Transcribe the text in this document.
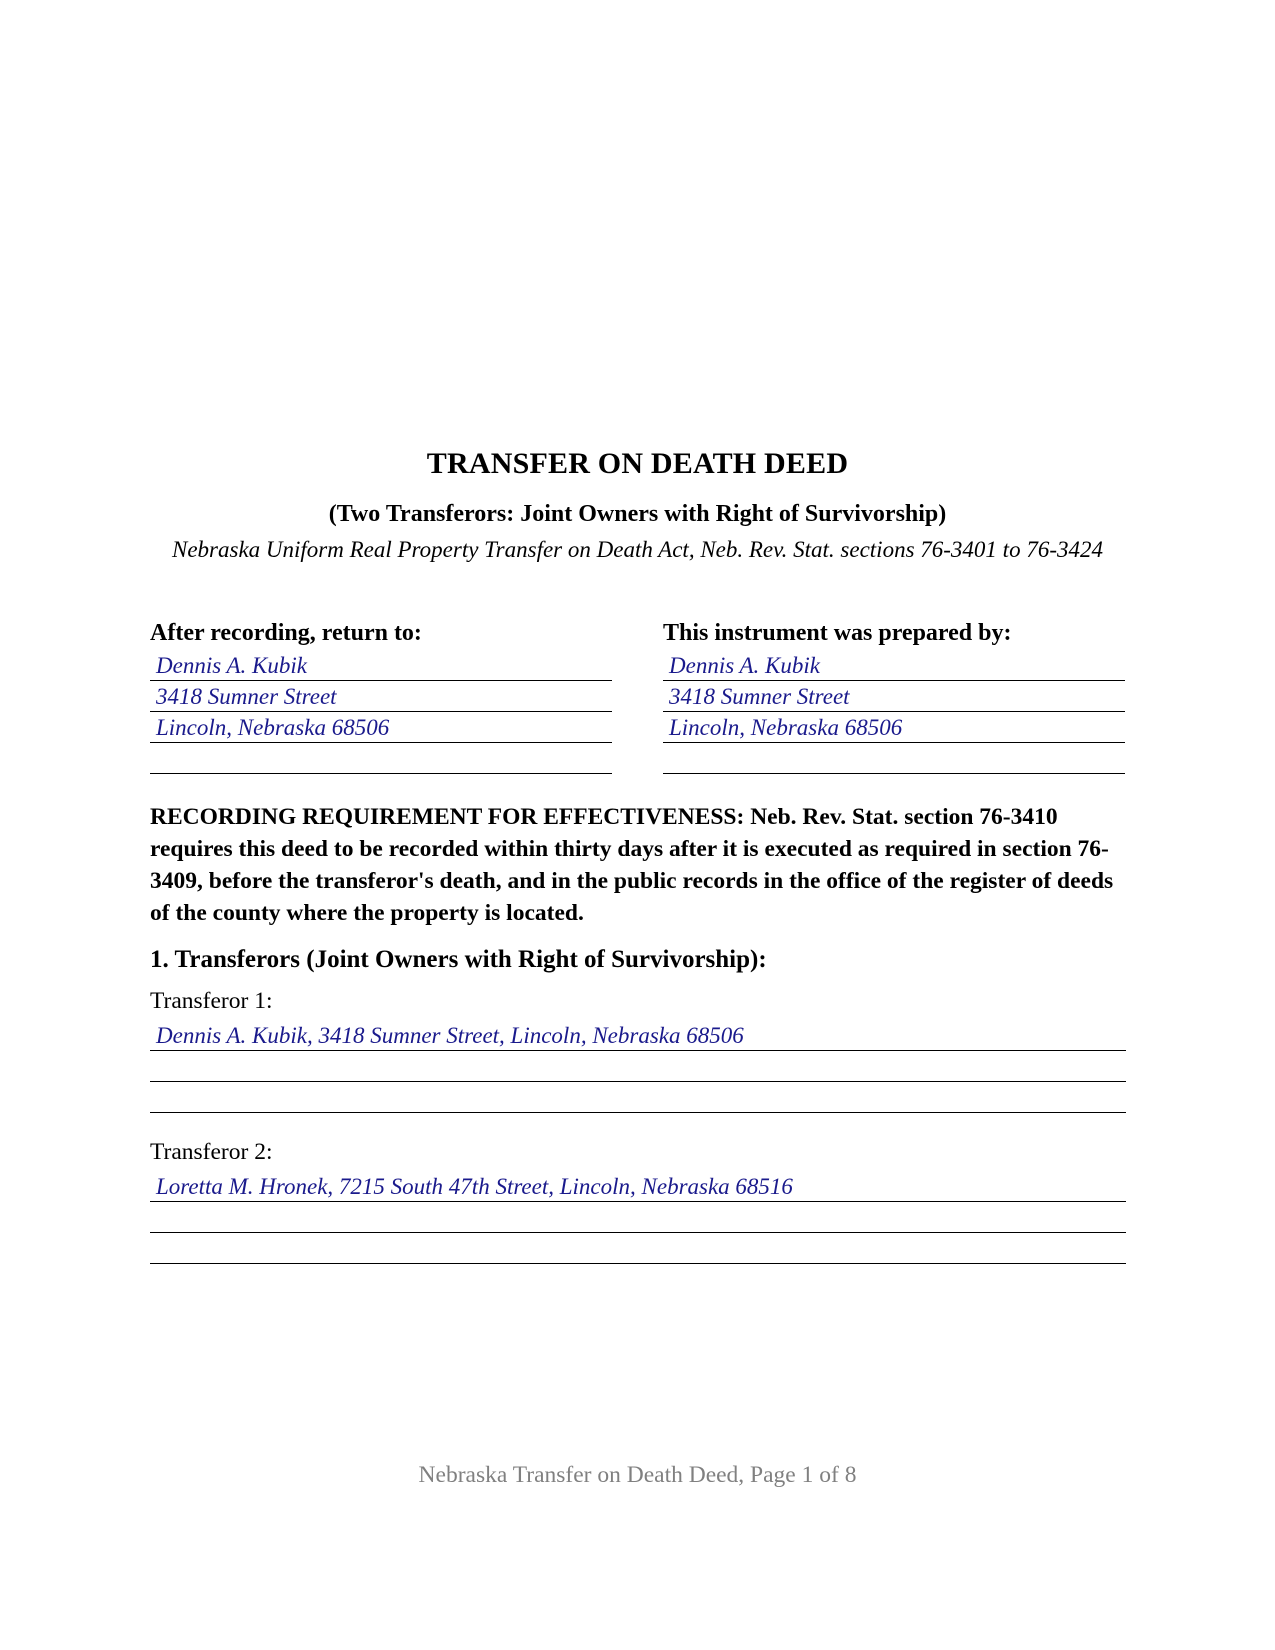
TRANSFER ON DEATH DEED
(Two Transferors: Joint Owners with Right of Survivorship)
Nebraska Uniform Real Property Transfer on Death Act, Neb. Rev. Stat. sections 76-3401 to 76-3424
After recording, return to:
Dennis A. Kubik
3418 Sumner Street
Lincoln, Nebraska 68506
This instrument was prepared by:
Dennis A. Kubik
3418 Sumner Street
Lincoln, Nebraska 68506
RECORDING REQUIREMENT FOR EFFECTIVENESS: Neb. Rev. Stat. section 76-3410 requires this deed to be recorded within thirty days after it is executed as required in section 76-3409, before the transferor's death, and in the public records in the office of the register of deeds of the county where the property is located.
1. Transferors (Joint Owners with Right of Survivorship):
Transferor 1:
Dennis A. Kubik, 3418 Sumner Street, Lincoln, Nebraska 68506
Transferor 2:
Loretta M. Hronek, 7215 South 47th Street, Lincoln, Nebraska 68516
Nebraska Transfer on Death Deed, Page 1 of 8
